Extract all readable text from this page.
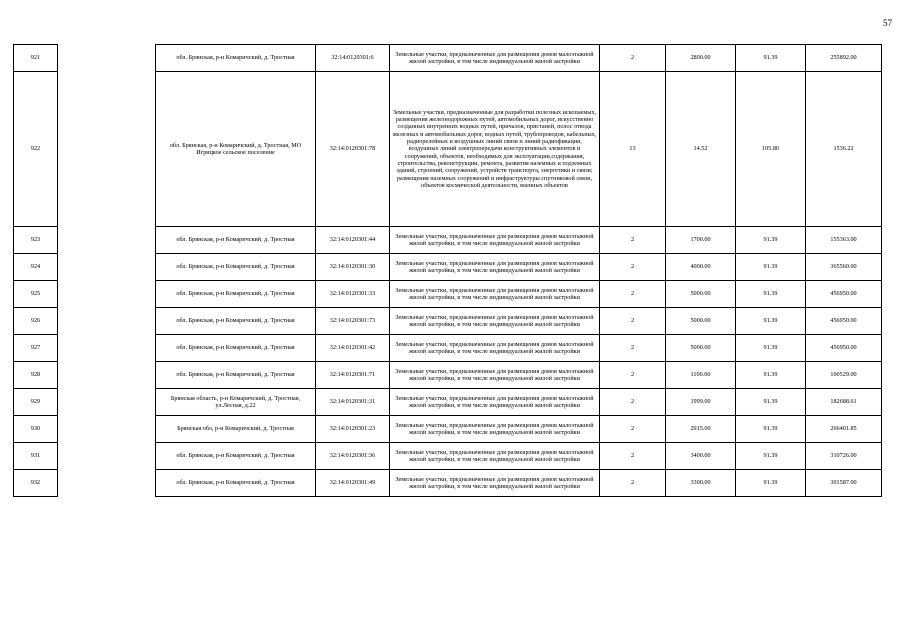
57
921		обл. Брянская, р-н Комаричский, д. Тростная	32:14:0120301:6	Земельные участки, предназначенные для размещения домов малоэтажной жилой застройки, в том числе индивидуальной жилой застройки	2	2800.00	91.39	255892.00
922		обл. Брянская, р-н Комаричский, д. Тростная, МО Игрицкое сельское поселение	32:14:0120301:78	Земельные участки, предназначенные для разработки полезных ископаемых, размещения железнодорожных путей, автомобильных дорог, искусственно созданных внутренних водных путей, причалов, пристаней, полос отвода железных и автомобильных дорог, водных путей, трубопроводов, кабельных, радиорелейных и воздушных линий связи и линий радиофикации, воздушных линий электропередачи конструктивных элементов и сооружений, объектов, необходимых для эксплуатации,содержания, строительства, реконструкции, ремонта, развития наземных и подземных зданий, строений, сооружений, устройств транспорта, энергетики и связи; размещения наземных сооружений и инфраструктуры спутниковой связи, объектов космической деятельности, военных объектов	13	14.52	105.80	1536.22
923		обл. Брянская, р-н Комаричский, д. Тростная	32:14:0120301:44	Земельные участки, предназначенные для размещения домов малоэтажной жилой застройки, в том числе индивидуальной жилой застройки	2	1700.00	91.39	155363.00
924		обл. Брянская, р-н Комаричский, д. Тростная	32:14:0120301:30	Земельные участки, предназначенные для размещения домов малоэтажной жилой застройки, в том числе индивидуальной жилой застройки	2	4000.00	91.39	365560.00
925		обл. Брянская, р-н Комаричский, д. Тростная	32:14:0120301:33	Земельные участки, предназначенные для размещения домов малоэтажной жилой застройки, в том числе индивидуальной жилой застройки	2	5000.00	91.39	456950.00
926		обл. Брянская, р-н Комаричский, д. Тростная	32:14:0120301:73	Земельные участки, предназначенные для размещения домов малоэтажной жилой застройки, в том числе индивидуальной жилой застройки	2	5000.00	91.39	456950.00
927		обл. Брянская, р-н Комаричский, д. Тростная	32:14:0120301:42	Земельные участки, предназначенные для размещения домов малоэтажной жилой застройки, в том числе индивидуальной жилой застройки	2	5000.00	91.39	456950.00
928		обл. Брянская, р-н Комаричский, д. Тростная	32:14:0120301:71	Земельные участки, предназначенные для размещения домов малоэтажной жилой застройки, в том числе индивидуальной жилой застройки	2	1100.00	91.39	100529.00
929		Брянская область, р-н Комаричский, д. Тростная, ул.Лесная, д.22	32:14:0120301:31	Земельные участки, предназначенные для размещения домов малоэтажной жилой застройки, в том числе индивидуальной жилой застройки	2	1999.00	91.39	182688.61
930		Брянская обл, р-н Комаричский, д. Тростная	32:14:0120301:23	Земельные участки, предназначенные для размещения домов малоэтажной жилой застройки, в том числе индивидуальной жилой застройки	2	2915.00	91.39	266401.85
931		обл. Брянская, р-н Комаричский, д. Тростная	32:14:0120301:36	Земельные участки, предназначенные для размещения домов малоэтажной жилой застройки, в том числе индивидуальной жилой застройки	2	3400.00	91.39	310726.00
932		обл. Брянская, р-н Комаричский, д. Тростная	32:14:0120301:49	Земельные участки, предназначенные для размещения домов малоэтажной жилой застройки, в том числе индивидуальной жилой застройки	2	3300.00	91.39	301587.00
